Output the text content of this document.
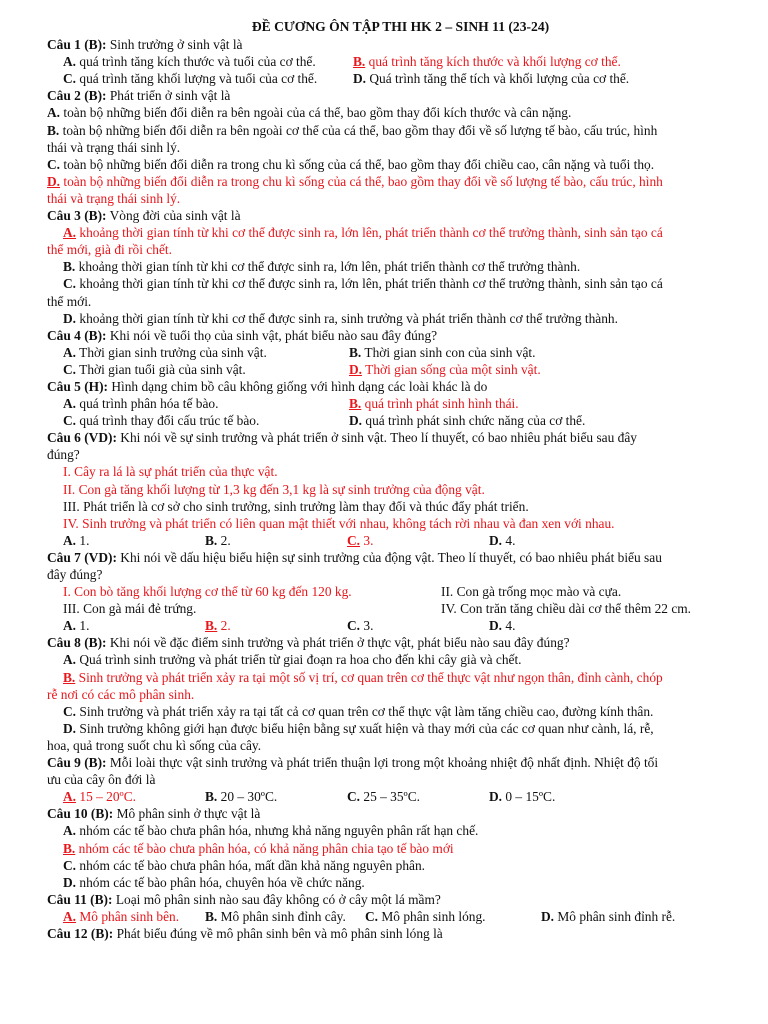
ĐỀ CƯƠNG ÔN TẬP THI HK 2 – SINH 11 (23-24)

Câu 1 (B): Sinh trưởng ở sinh vật là

A. quá trình tăng kích thước và tuổi của cơ thể.	B. quá trình tăng kích thước và khối lượng cơ thể.
C. quá trình tăng khối lượng và tuổi của cơ thể.	D. Quá trình tăng thể tích và khối lượng của cơ thể.

Câu 2 (B): Phát triển ở sinh vật là

A. toàn bộ những biến đổi diễn ra bên ngoài của cá thể, bao gồm thay đổi kích thước và cân nặng.

B. toàn bộ những biến đổi diễn ra bên ngoài cơ thể của cá thể, bao gồm thay đổi về số lượng tế bào, cấu trúc, hình

thái và trạng thái sinh lý.

C. toàn bộ những biến đổi diễn ra trong chu kì sống của cá thể, bao gồm thay đổi chiều cao, cân nặng và tuổi thọ.

D. toàn bộ những biến đổi diễn ra trong chu kì sống của cá thể, bao gồm thay đổi về số lượng tế bào, cấu trúc, hình

thái và trạng thái sinh lý.

Câu 3 (B): Vòng đời của sinh vật là

A. khoảng thời gian tính từ khi cơ thể được sinh ra, lớn lên, phát triển thành cơ thể trưởng thành, sinh sản tạo cá

thể mới, già đi rồi chết.

B. khoảng thời gian tính từ khi cơ thể được sinh ra, lớn lên, phát triển thành cơ thể trưởng thành.

C. khoảng thời gian tính từ khi cơ thể được sinh ra, lớn lên, phát triển thành cơ thể trưởng thành, sinh sản tạo cá

thể mới.

D. khoảng thời gian tính từ khi cơ thể được sinh ra, sinh trưởng và phát triển thành cơ thể trưởng thành.

Câu 4 (B): Khi nói về tuổi thọ của sinh vật, phát biểu nào sau đây đúng?

A. Thời gian sinh trưởng của sinh vật.	B. Thời gian sinh con của sinh vật.
C. Thời gian tuổi già của sinh vật.	D. Thời gian sống của một sinh vật.

Câu 5 (H): Hình dạng chim bồ câu không giống với hình dạng các loài khác là do

A. quá trình phân hóa tế bào.	B. quá trình phát sinh hình thái.
C. quá trình thay đổi cấu trúc tế bào.	D. quá trình phát sinh chức năng của cơ thể.

Câu 6 (VD): Khi nói về sự sinh trưởng và phát triển ở sinh vật. Theo lí thuyết, có bao nhiêu phát biểu sau đây

đúng?

I. Cây ra lá là sự phát triển của thực vật.

II. Con gà tăng khối lượng từ 1,3 kg đến 3,1 kg là sự sinh trưởng của động vật.

III. Phát triển là cơ sở cho sinh trưởng, sinh trưởng làm thay đổi và thúc đẩy phát triển.

IV. Sinh trưởng và phát triển có liên quan mật thiết với nhau, không tách rời nhau và đan xen với nhau.

A. 1.	B. 2.	C. 3.	D. 4.

Câu 7 (VD): Khi nói về dấu hiệu biểu hiện sự sinh trưởng của động vật. Theo lí thuyết, có bao nhiêu phát biểu sau

đây đúng?

I. Con bò tăng khối lượng cơ thể từ 60 kg đến 120 kg.	II. Con gà trống mọc mào và cựa.
III. Con gà mái đẻ trứng.	IV. Con trăn tăng chiều dài cơ thể thêm 22 cm.
A. 1.	B. 2.	C. 3.	D. 4.

Câu 8 (B): Khi nói về đặc điểm sinh trưởng và phát triển ở thực vật, phát biểu nào sau đây đúng?

A. Quá trình sinh trưởng và phát triển từ giai đoạn ra hoa cho đến khi cây già và chết.

B. Sinh trưởng và phát triển xảy ra tại một số vị trí, cơ quan trên cơ thể thực vật như ngọn thân, đỉnh cành, chóp

rễ nơi có các mô phân sinh.

C. Sinh trưởng và phát triển xảy ra tại tất cả cơ quan trên cơ thể thực vật làm tăng chiều cao, đường kính thân.

D. Sinh trưởng không giới hạn được biểu hiện bằng sự xuất hiện và thay mới của các cơ quan như cành, lá, rễ,

hoa, quả trong suốt chu kì sống của cây.

Câu 9 (B): Mỗi loài thực vật sinh trưởng và phát triển thuận lợi trong một khoảng nhiệt độ nhất định. Nhiệt độ tối

ưu của cây ôn đới là

A. 15 – 20ºC.	B. 20 – 30ºC.	C. 25 – 35ºC.	D. 0 – 15ºC.

Câu 10 (B): Mô phân sinh ở thực vật là

A. nhóm các tế bào chưa phân hóa, nhưng khả năng nguyên phân rất hạn chế.

B. nhóm các tế bào chưa phân hóa, có khả năng phân chia tạo tế bào mới

C. nhóm các tế bào chưa phân hóa, mất dần khả năng nguyên phân.

D. nhóm các tế bào phân hóa, chuyên hóa về chức năng.

Câu 11 (B): Loại mô phân sinh nào sau đây không có ở cây một lá mầm?

A. Mô phân sinh bên.	B. Mô phân sinh đỉnh cây.	C. Mô phân sinh lóng.	D. Mô phân sinh đỉnh rễ.

Câu 12 (B): Phát biểu đúng về mô phân sinh bên và mô phân sinh lóng là
